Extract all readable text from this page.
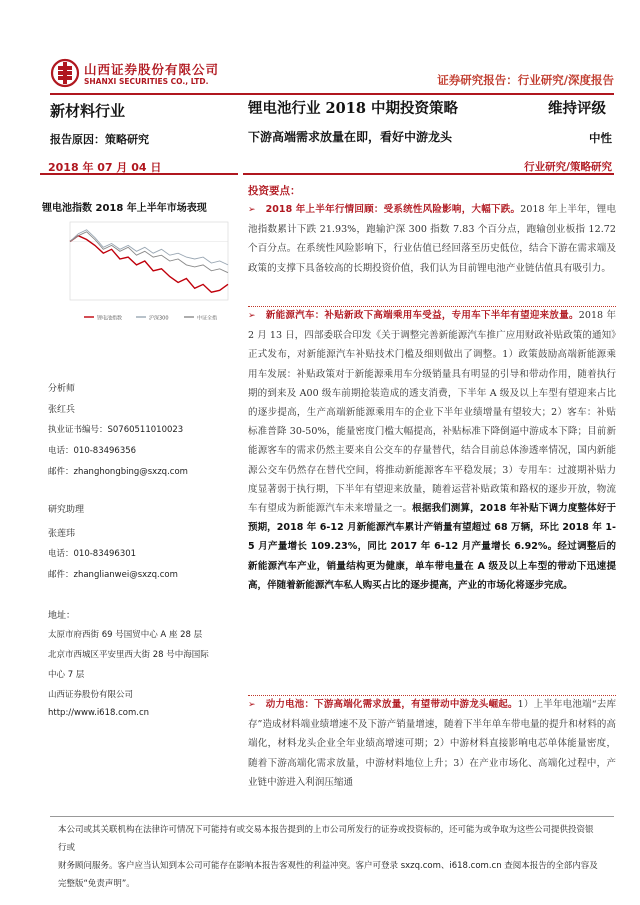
山西证券股份有限公司
SHANXI SECURITIES CO., LTD.	证券研究报告：行业研究/深度报告
新材料行业	锂电池行业 2018 中期投资策略	维持评级
报告原因：策略研究	下游高端需求放量在即，看好中游龙头	中性
2018 年 07 月 04 日	行业研究/策略研究
锂电池指数 2018 年上半年市场表现
锂电池指数	沪深300	中证全指
分析师
张红兵
执业证书编号：S0760511010023
电话：010-83496356
邮件：zhanghongbing@sxzq.com
研究助理
张莲玮
电话：010-83496301
邮件：zhanglianwei@sxzq.com
地址：
太原市府西街 69 号国贸中心 A 座 28 层
北京市西城区平安里西大街 28 号中海国际
中心 7 层
山西证券股份有限公司
http://www.i618.com.cn
投资要点：
➢ 2018 年上半年行情回顾：受系统性风险影响，大幅下跌。2018 年上半年，锂电池指数累计下跌 21.93%，跑输沪深 300 指数 7.83 个百分点，跑输创业板指 12.72 个百分点。在系统性风险影响下，行业估值已经回落至历史低位，结合下游在需求端及政策的支撑下具备较高的长期投资价值，我们认为目前锂电池产业链估值具有吸引力。
➢ 新能源汽车：补贴新政下高端乘用车受益，专用车下半年有望迎来放量。2018 年 2 月 13 日，四部委联合印发《关于调整完善新能源汽车推广应用财政补贴政策的通知》正式发布，对新能源汽车补贴技术门槛及细则做出了调整。1）政策鼓励高端新能源乘用车发展：补贴政策对于新能源乘用车分级销量具有明显的引导和带动作用，随着执行期的到来及 A00 级车前期抢装造成的透支消费，下半年 A 级及以上车型有望迎来占比的逐步提高，生产高端新能源乘用车的企业下半年业绩增量有望较大；2）客车：补贴标准普降 30-50%，能量密度门槛大幅提高，补贴标准下降倒逼中游成本下降；目前新能源客车的需求仍然主要来自公交车的存量替代，结合目前总体渗透率情况，国内新能源公交车仍然存在替代空间，将推动新能源客车平稳发展；3）专用车：过渡期补贴力度显著弱于执行期，下半年有望迎来放量，随着运营补贴政策和路权的逐步开放，物流车有望成为新能源汽车未来增量之一。根据我们测算，2018 年补贴下调力度整体好于预期，2018 年 6-12 月新能源汽车累计产销量有望超过 68 万辆，环比 2018 年 1-5 月产量增长 109.23%，同比 2017 年 6-12 月产量增长 6.92%。经过调整后的新能源汽车产业，销量结构更为健康，单车带电量在 A 级及以上车型的带动下迅速提高，伴随着新能源汽车私人购买占比的逐步提高，产业的市场化将逐步完成。
➢ 动力电池：下游高端化需求放量，有望带动中游龙头崛起。1）上半年电池端“去库存”造成材料端业绩增速不及下游产销量增速，随着下半年单车带电量的提升和材料的高端化，材料龙头企业全年业绩高增速可期；2）中游材料直接影响电芯单体能量密度，随着下游高端化需求放量，中游材料地位上升；3）在产业市场化、高端化过程中，产业链中游进入利润压缩通
本公司或其关联机构在法律许可情况下可能持有或交易本报告提到的上市公司所发行的证券或投资标的，还可能为或争取为这些公司提供投资银行或
财务顾问服务。客户应当认知到本公司可能存在影响本报告客观性的利益冲突。客户可登录 sxzq.com、i618.com.cn 查阅本报告的全部内容及完整版“免责声明”。
